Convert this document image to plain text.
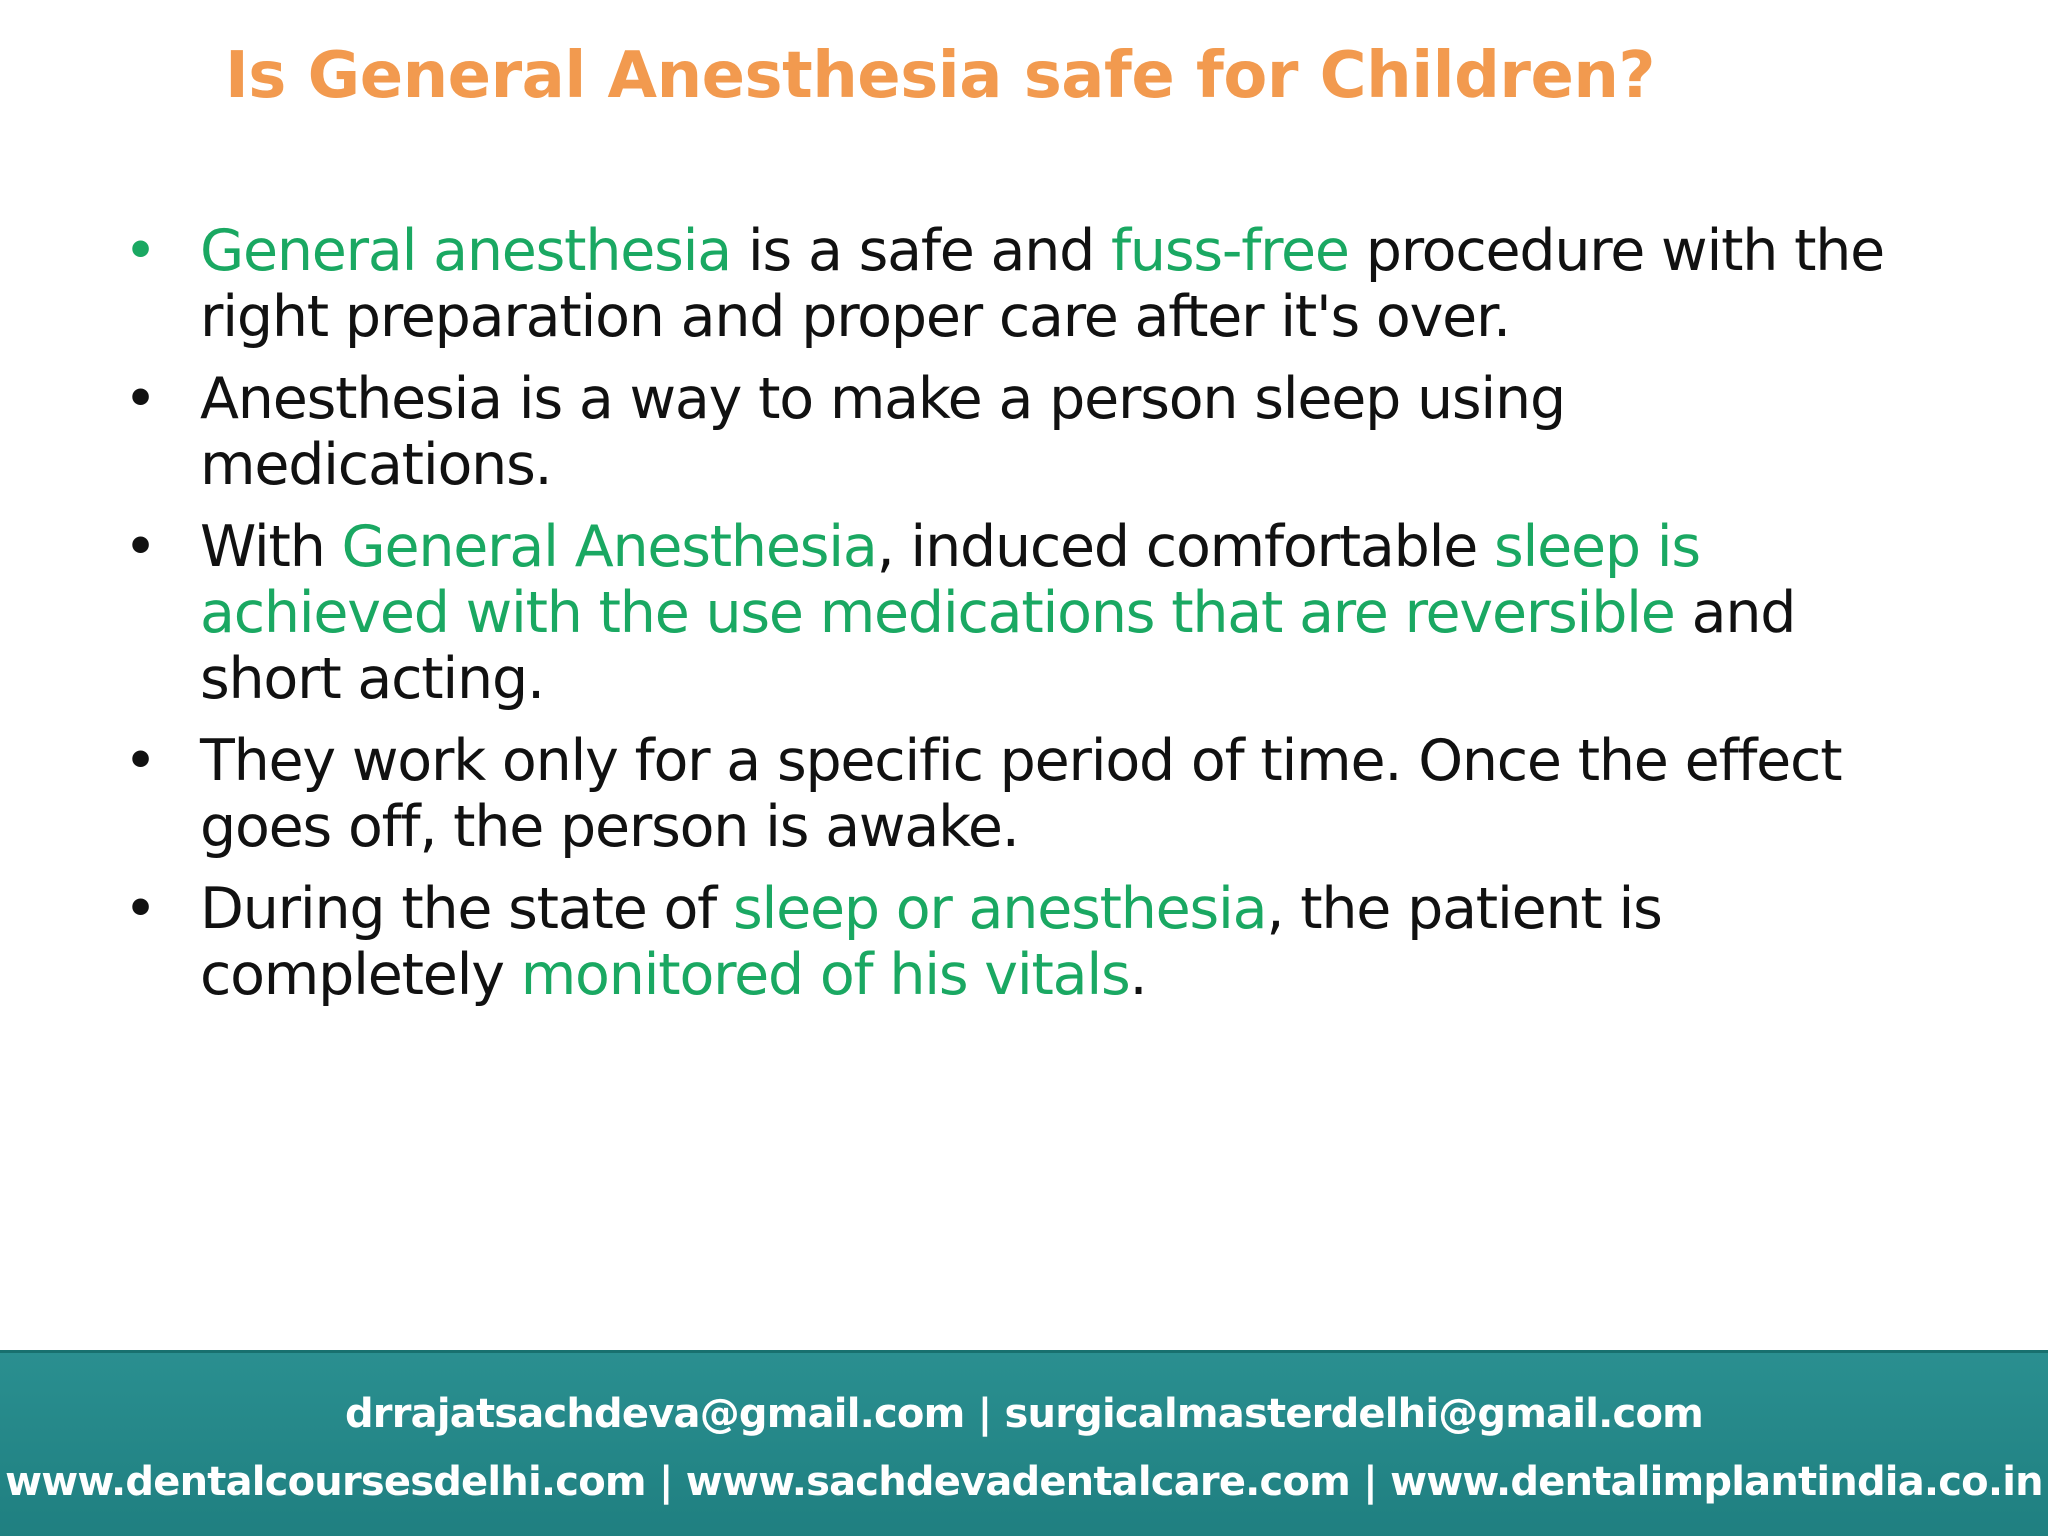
Is General Anesthesia safe for Children?
• General anesthesia is a safe and fuss-free procedure with the right preparation and proper care after it's over.
• Anesthesia is a way to make a person sleep using medications.
• With General Anesthesia, induced comfortable sleep is achieved with the use medications that are reversible and short acting.
• They work only for a specific period of time. Once the effect goes off, the person is awake.
• During the state of sleep or anesthesia, the patient is completely monitored of his vitals.
drrajatsachdeva@gmail.com | surgicalmasterdelhi@gmail.com
www.dentalcoursesdelhi.com | www.sachdevadentalcare.com | www.dentalimplantindia.co.in
